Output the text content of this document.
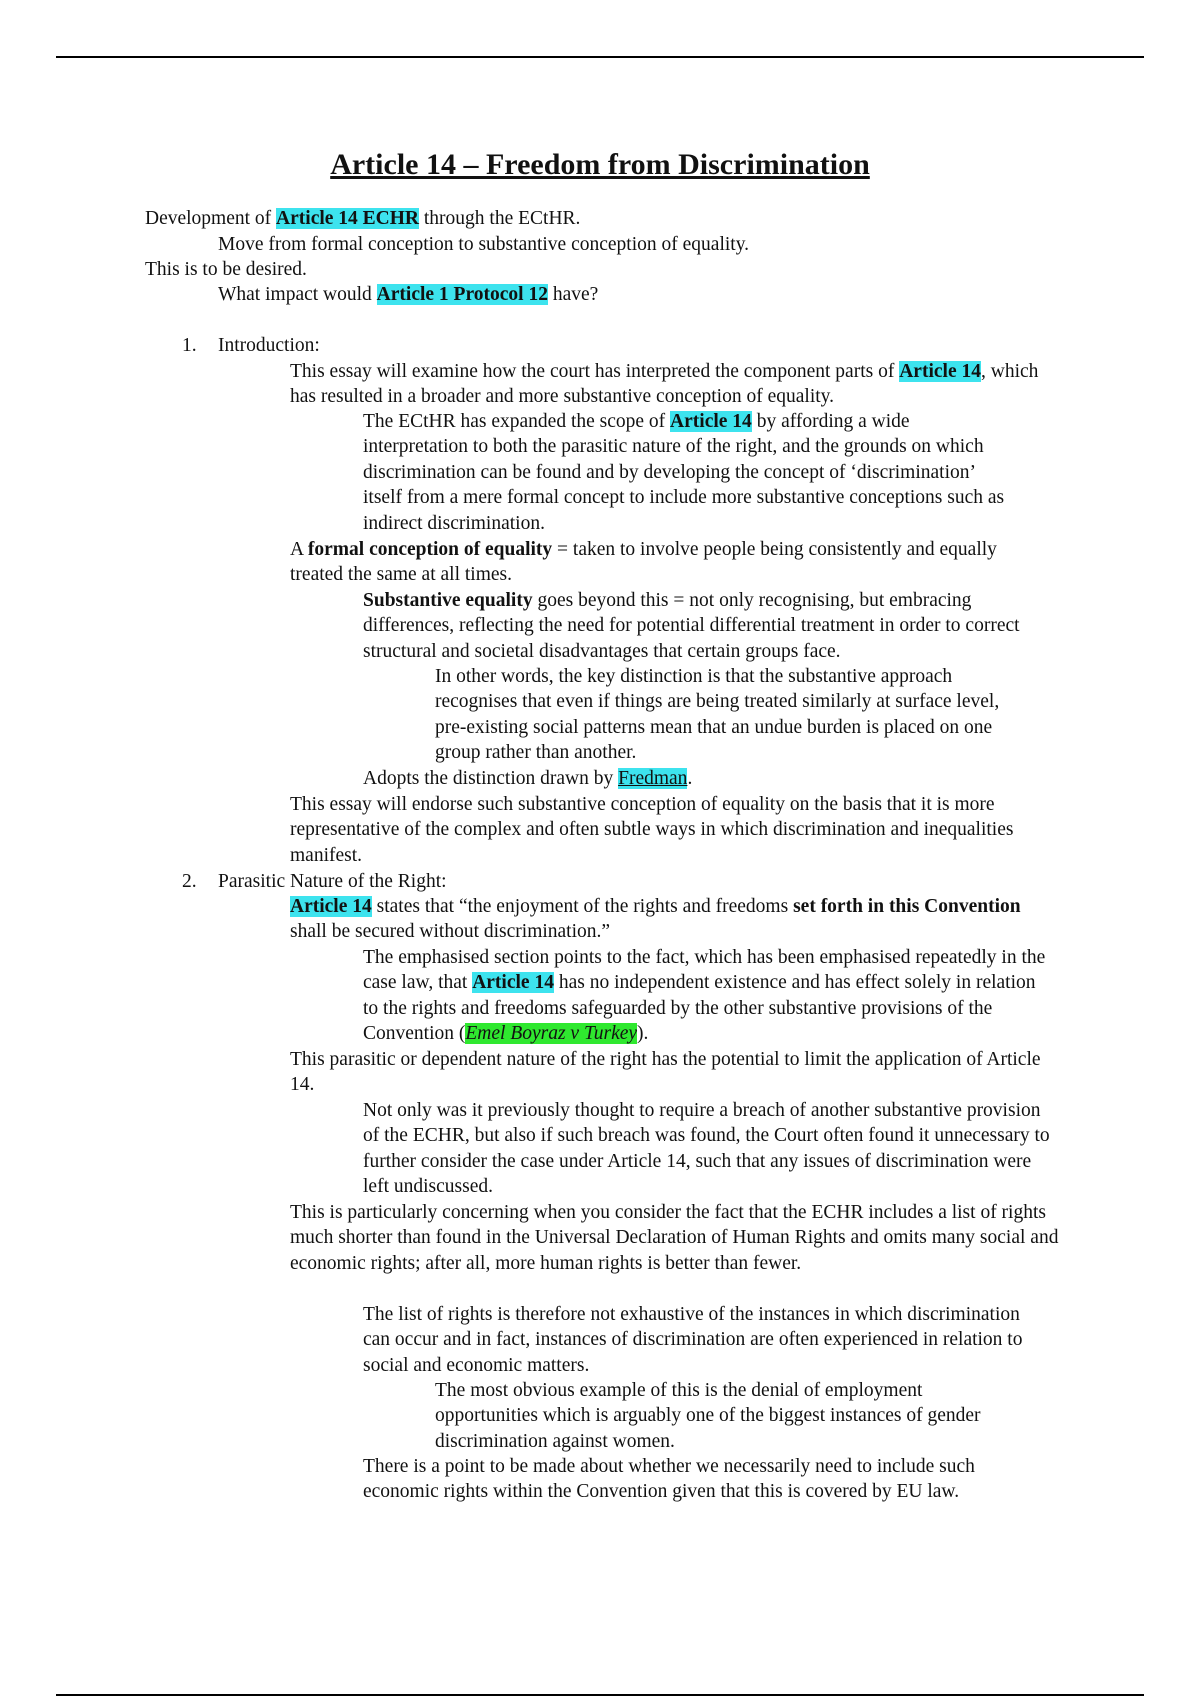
Article 14 – Freedom from Discrimination
Development of Article 14 ECHR through the ECtHR.
Move from formal conception to substantive conception of equality.
This is to be desired.
What impact would Article 1 Protocol 12 have?
1. Introduction:
This essay will examine how the court has interpreted the component parts of Article 14, which has resulted in a broader and more substantive conception of equality.
The ECtHR has expanded the scope of Article 14 by affording a wide interpretation to both the parasitic nature of the right, and the grounds on which discrimination can be found and by developing the concept of ‘discrimination’ itself from a mere formal concept to include more substantive conceptions such as indirect discrimination.
A formal conception of equality = taken to involve people being consistently and equally treated the same at all times.
Substantive equality goes beyond this = not only recognising, but embracing differences, reflecting the need for potential differential treatment in order to correct structural and societal disadvantages that certain groups face.
In other words, the key distinction is that the substantive approach recognises that even if things are being treated similarly at surface level, pre-existing social patterns mean that an undue burden is placed on one group rather than another.
Adopts the distinction drawn by Fredman.
This essay will endorse such substantive conception of equality on the basis that it is more representative of the complex and often subtle ways in which discrimination and inequalities manifest.
2. Parasitic Nature of the Right:
Article 14 states that “the enjoyment of the rights and freedoms set forth in this Convention shall be secured without discrimination.”
The emphasised section points to the fact, which has been emphasised repeatedly in the case law, that Article 14 has no independent existence and has effect solely in relation to the rights and freedoms safeguarded by the other substantive provisions of the Convention (Emel Boyraz v Turkey).
This parasitic or dependent nature of the right has the potential to limit the application of Article 14.
Not only was it previously thought to require a breach of another substantive provision of the ECHR, but also if such breach was found, the Court often found it unnecessary to further consider the case under Article 14, such that any issues of discrimination were left undiscussed.
This is particularly concerning when you consider the fact that the ECHR includes a list of rights much shorter than found in the Universal Declaration of Human Rights and omits many social and economic rights; after all, more human rights is better than fewer.
The list of rights is therefore not exhaustive of the instances in which discrimination can occur and in fact, instances of discrimination are often experienced in relation to social and economic matters.
The most obvious example of this is the denial of employment opportunities which is arguably one of the biggest instances of gender discrimination against women.
There is a point to be made about whether we necessarily need to include such economic rights within the Convention given that this is covered by EU law.
